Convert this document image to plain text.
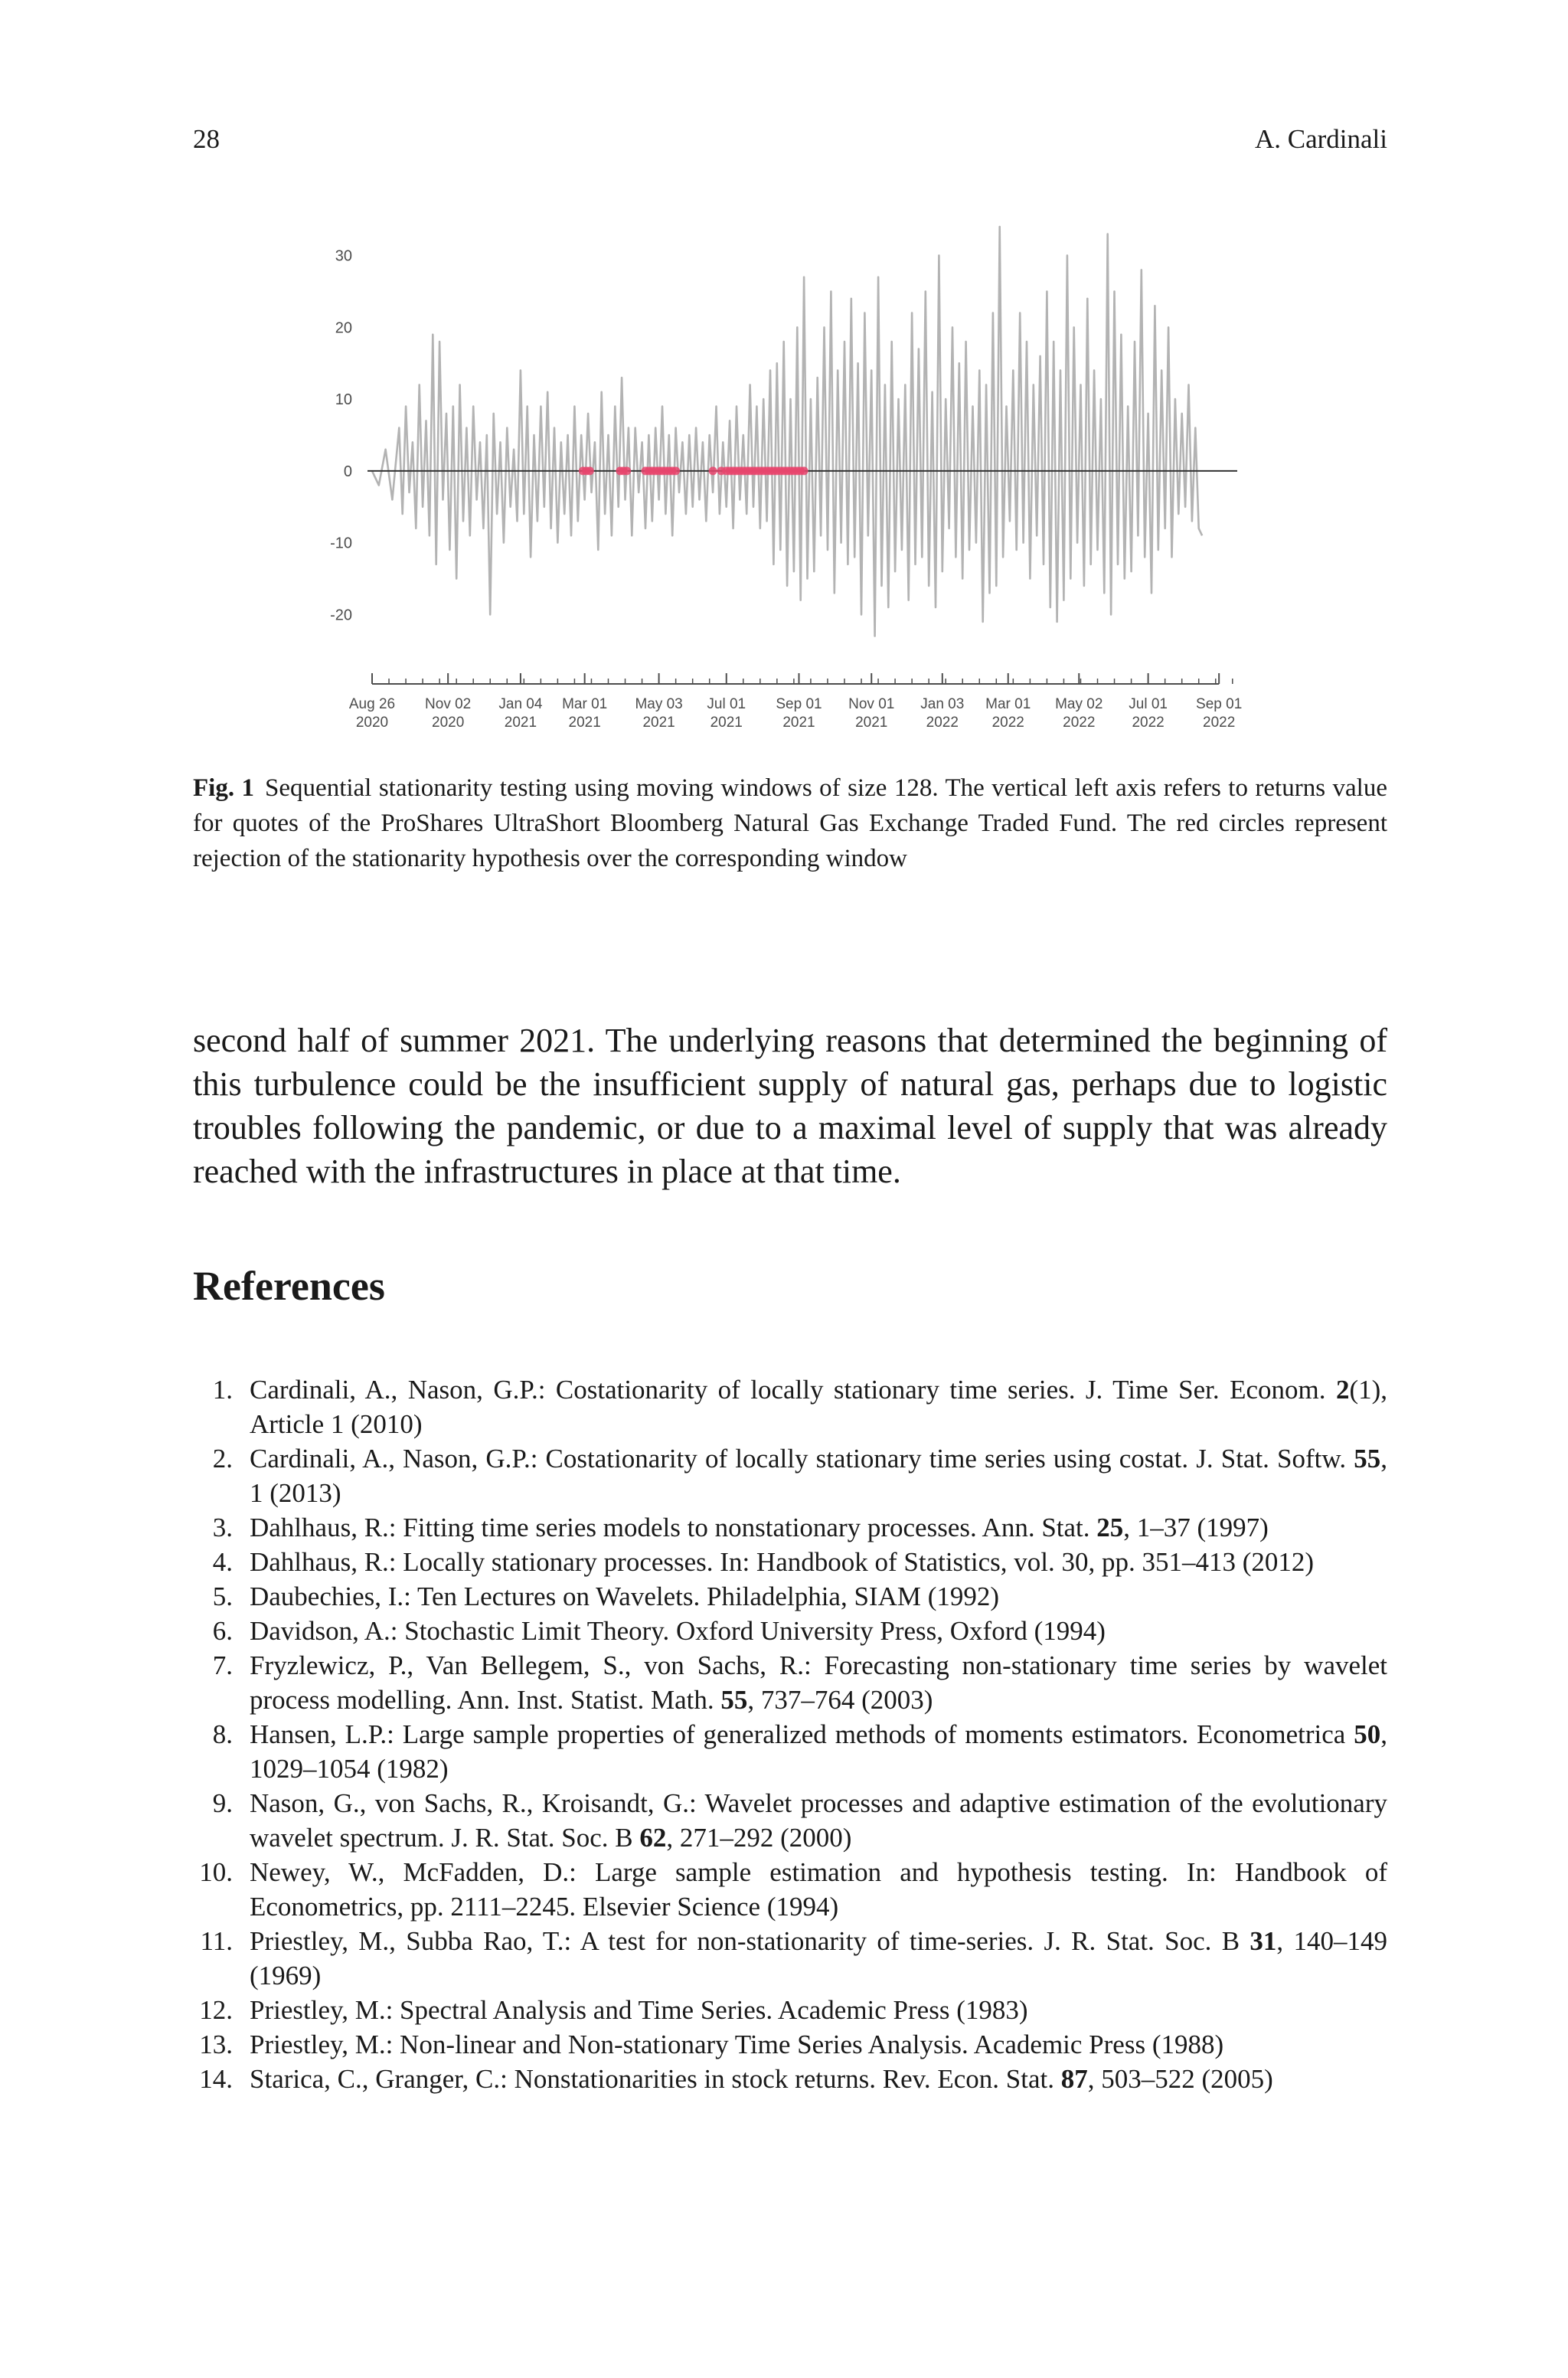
28	A. Cardinali
30
20
10
0
-10
-20
Aug 26
2020
Nov 02
2020
Jan 04
2021
Mar 01
2021
May 03
2021
Jul 01
2021
Sep 01
2021
Nov 01
2021
Jan 03
2022
Mar 01
2022
May 02
2022
Jul 01
2022
Sep 01
2022
Fig. 1 Sequential stationarity testing using moving windows of size 128. The vertical left axis refers to returns value for quotes of the ProShares UltraShort Bloomberg Natural Gas Exchange Traded Fund. The red circles represent rejection of the stationarity hypothesis over the corresponding window

second half of summer 2021. The underlying reasons that determined the beginning of this turbulence could be the insufficient supply of natural gas, perhaps due to logistic troubles following the pandemic, or due to a maximal level of supply that was already reached with the infrastructures in place at that time.

References
1. Cardinali, A., Nason, G.P.: Costationarity of locally stationary time series. J. Time Ser. Econom. 2(1), Article 1 (2010)
2. Cardinali, A., Nason, G.P.: Costationarity of locally stationary time series using costat. J. Stat. Softw. 55, 1 (2013)
3. Dahlhaus, R.: Fitting time series models to nonstationary processes. Ann. Stat. 25, 1–37 (1997)
4. Dahlhaus, R.: Locally stationary processes. In: Handbook of Statistics, vol. 30, pp. 351–413 (2012)
5. Daubechies, I.: Ten Lectures on Wavelets. Philadelphia, SIAM (1992)
6. Davidson, A.: Stochastic Limit Theory. Oxford University Press, Oxford (1994)
7. Fryzlewicz, P., Van Bellegem, S., von Sachs, R.: Forecasting non-stationary time series by wavelet process modelling. Ann. Inst. Statist. Math. 55, 737–764 (2003)
8. Hansen, L.P.: Large sample properties of generalized methods of moments estimators. Econometrica 50, 1029–1054 (1982)
9. Nason, G., von Sachs, R., Kroisandt, G.: Wavelet processes and adaptive estimation of the evolutionary wavelet spectrum. J. R. Stat. Soc. B 62, 271–292 (2000)
10. Newey, W., McFadden, D.: Large sample estimation and hypothesis testing. In: Handbook of Econometrics, pp. 2111–2245. Elsevier Science (1994)
11. Priestley, M., Subba Rao, T.: A test for non-stationarity of time-series. J. R. Stat. Soc. B 31, 140–149 (1969)
12. Priestley, M.: Spectral Analysis and Time Series. Academic Press (1983)
13. Priestley, M.: Non-linear and Non-stationary Time Series Analysis. Academic Press (1988)
14. Starica, C., Granger, C.: Nonstationarities in stock returns. Rev. Econ. Stat. 87, 503–522 (2005)
